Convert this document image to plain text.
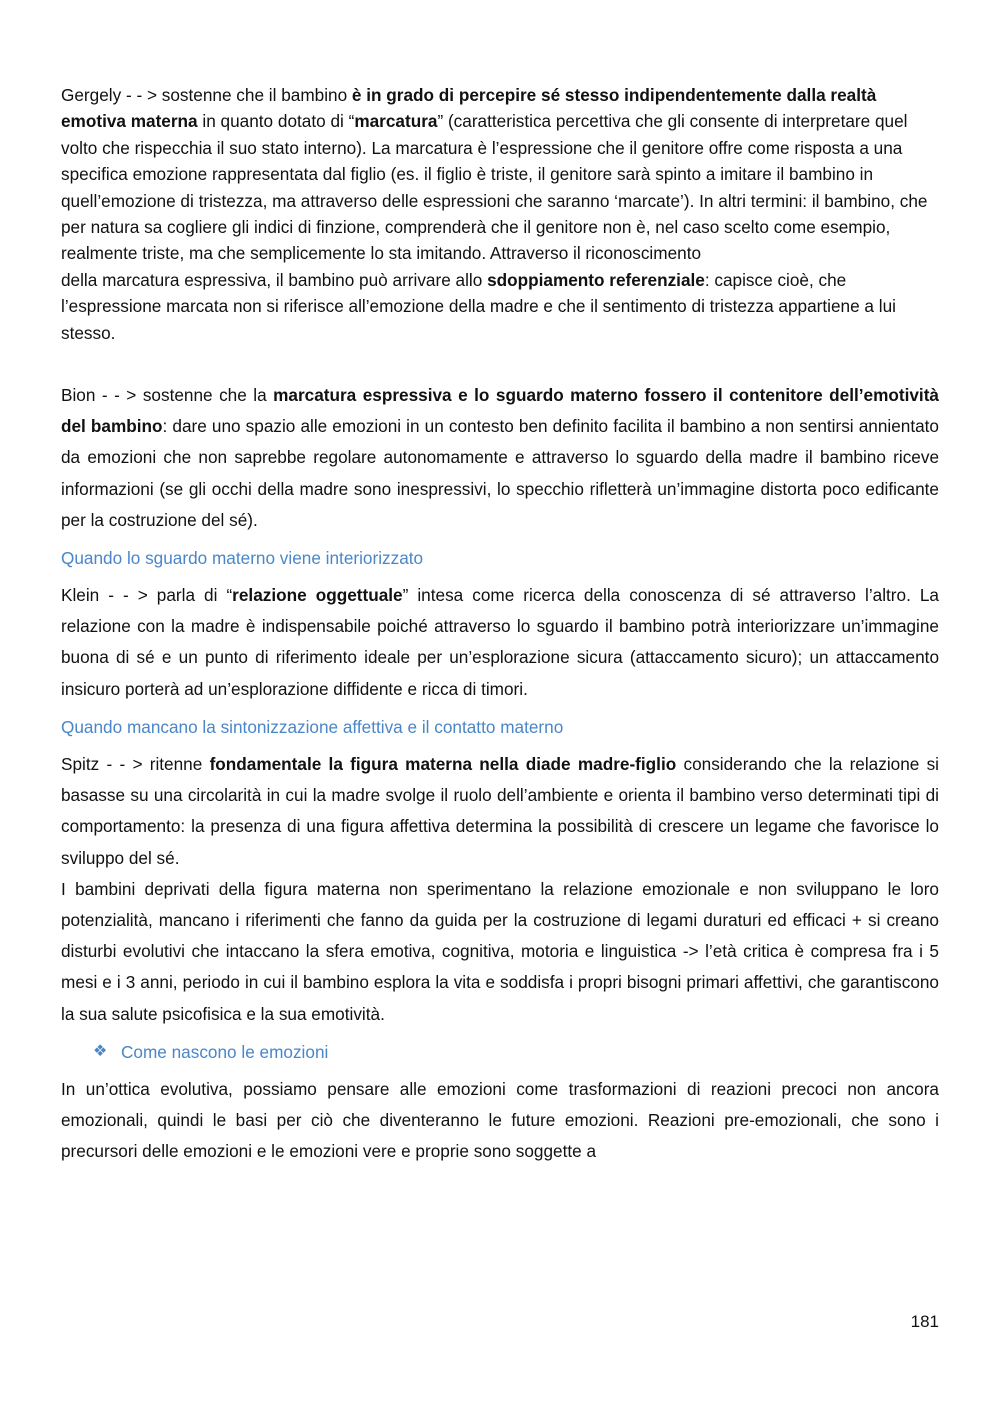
Gergely - - > sostenne che il bambino è in grado di percepire sé stesso indipendentemente dalla realtà emotiva materna in quanto dotato di “marcatura” (caratteristica percettiva che gli consente di interpretare quel volto che rispecchia il suo stato interno). La marcatura è l’espressione che il genitore offre come risposta a una specifica emozione rappresentata dal figlio (es. il figlio è triste, il genitore sarà spinto a imitare il bambino in quell’emozione di tristezza, ma attraverso delle espressioni che saranno ‘marcate’). In altri termini: il bambino, che per natura sa cogliere gli indici di finzione, comprenderà che il genitore non è, nel caso scelto come esempio, realmente triste, ma che semplicemente lo sta imitando. Attraverso il riconoscimento
della marcatura espressiva, il bambino può arrivare allo sdoppiamento referenziale: capisce cioè, che l’espressione marcata non si riferisce all’emozione della madre e che il sentimento di tristezza appartiene a lui stesso.

Bion - - > sostenne che la marcatura espressiva e lo sguardo materno fossero il contenitore dell’emotività del bambino: dare uno spazio alle emozioni in un contesto ben definito facilita il bambino a non sentirsi annientato da emozioni che non saprebbe regolare autonomamente e attraverso lo sguardo della madre il bambino riceve informazioni (se gli occhi della madre sono inespressivi, lo specchio rifletterà un’immagine distorta poco edificante per la costruzione del sé).

Quando lo sguardo materno viene interiorizzato

Klein - - > parla di “relazione oggettuale” intesa come ricerca della conoscenza di sé attraverso l’altro. La relazione con la madre è indispensabile poiché attraverso lo sguardo il bambino potrà interiorizzare un’immagine buona di sé e un punto di riferimento ideale per un’esplorazione sicura (attaccamento sicuro); un attaccamento insicuro porterà ad un’esplorazione diffidente e ricca di timori.

Quando mancano la sintonizzazione affettiva e il contatto materno

Spitz - - > ritenne fondamentale la figura materna nella diade madre-figlio considerando che la relazione si basasse su una circolarità in cui la madre svolge il ruolo dell’ambiente e orienta il bambino verso determinati tipi di comportamento: la presenza di una figura affettiva determina la possibilità di crescere un legame che favorisce lo sviluppo del sé.
I bambini deprivati della figura materna non sperimentano la relazione emozionale e non sviluppano le loro potenzialità, mancano i riferimenti che fanno da guida per la costruzione di legami duraturi ed efficaci + si creano disturbi evolutivi che intaccano la sfera emotiva, cognitiva, motoria e linguistica -> l’età critica è compresa fra i 5 mesi e i 3 anni, periodo in cui il bambino esplora la vita e soddisfa i propri bisogni primari affettivi, che garantiscono la sua salute psicofisica e la sua emotività.

❖ Come nascono le emozioni

In un’ottica evolutiva, possiamo pensare alle emozioni come trasformazioni di reazioni precoci non ancora emozionali, quindi le basi per ciò che diventeranno le future emozioni. Reazioni pre-emozionali, che sono i precursori delle emozioni e le emozioni vere e proprie sono soggette a

181
